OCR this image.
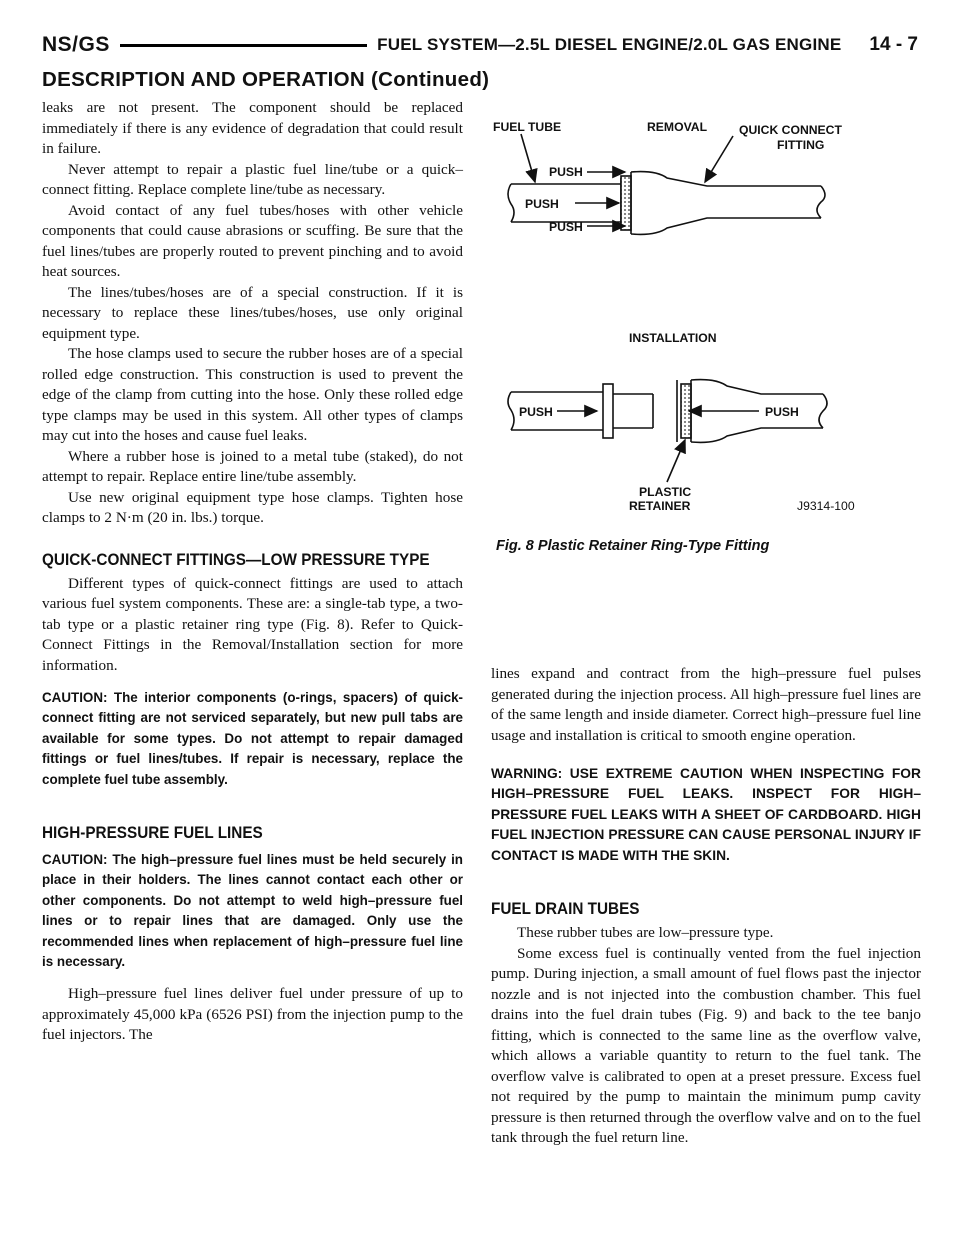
NS/GS	FUEL SYSTEM—2.5L DIESEL ENGINE/2.0L GAS ENGINE 14 - 7
DESCRIPTION AND OPERATION (Continued)

leaks are not present. The component should be replaced immediately if there is any evidence of degradation that could result in failure.

Never attempt to repair a plastic fuel line/tube or a quick–connect fitting. Replace complete line/tube as necessary.

Avoid contact of any fuel tubes/hoses with other vehicle components that could cause abrasions or scuffing. Be sure that the fuel lines/tubes are properly routed to prevent pinching and to avoid heat sources.

The lines/tubes/hoses are of a special construction. If it is necessary to replace these lines/tubes/hoses, use only original equipment type.

The hose clamps used to secure the rubber hoses are of a special rolled edge construction. This construction is used to prevent the edge of the clamp from cutting into the hose. Only these rolled edge type clamps may be used in this system. All other types of clamps may cut into the hoses and cause fuel leaks.

Where a rubber hose is joined to a metal tube (staked), do not attempt to repair. Replace entire line/tube assembly.

Use new original equipment type hose clamps. Tighten hose clamps to 2 N·m (20 in. lbs.) torque.

QUICK-CONNECT FITTINGS—LOW PRESSURE TYPE

Different types of quick-connect fittings are used to attach various fuel system components. These are: a single-tab type, a two-tab type or a plastic retainer ring type (Fig. 8). Refer to Quick-Connect Fittings in the Removal/Installation section for more information.

CAUTION: The interior components (o-rings, spacers) of quick-connect fitting are not serviced separately, but new pull tabs are available for some types. Do not attempt to repair damaged fittings or fuel lines/tubes. If repair is necessary, replace the complete fuel tube assembly.

HIGH-PRESSURE FUEL LINES

CAUTION: The high–pressure fuel lines must be held securely in place in their holders. The lines cannot contact each other or other components. Do not attempt to weld high–pressure fuel lines or to repair lines that are damaged. Only use the recommended lines when replacement of high–pressure fuel line is necessary.

High–pressure fuel lines deliver fuel under pressure of up to approximately 45,000 kPa (6526 PSI) from the injection pump to the fuel injectors. The

FUEL TUBE	REMOVAL	QUICK CONNECT
FITTING
PUSH
PUSH
PUSH
INSTALLATION
PUSH	PUSH
PLASTIC
RETAINER	J9314-100
Fig. 8 Plastic Retainer Ring-Type Fitting

lines expand and contract from the high–pressure fuel pulses generated during the injection process. All high–pressure fuel lines are of the same length and inside diameter. Correct high–pressure fuel line usage and installation is critical to smooth engine operation.

WARNING: USE EXTREME CAUTION WHEN INSPECTING FOR HIGH–PRESSURE FUEL LEAKS. INSPECT FOR HIGH–PRESSURE FUEL LEAKS WITH A SHEET OF CARDBOARD. HIGH FUEL INJECTION PRESSURE CAN CAUSE PERSONAL INJURY IF CONTACT IS MADE WITH THE SKIN.

FUEL DRAIN TUBES

These rubber tubes are low–pressure type.

Some excess fuel is continually vented from the fuel injection pump. During injection, a small amount of fuel flows past the injector nozzle and is not injected into the combustion chamber. This fuel drains into the fuel drain tubes (Fig. 9) and back to the tee banjo fitting, which is connected to the same line as the overflow valve, which allows a variable quantity to return to the fuel tank. The overflow valve is calibrated to open at a preset pressure. Excess fuel not required by the pump to maintain the minimum pump cavity pressure is then returned through the overflow valve and on to the fuel tank through the fuel return line.
